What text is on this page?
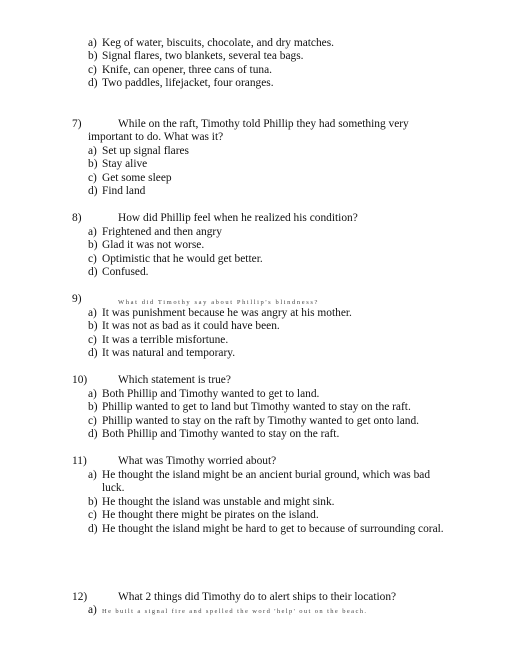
a) Keg of water, biscuits, chocolate, and dry matches.
b) Signal flares, two blankets, several tea bags.
c) Knife, can opener, three cans of tuna.
d) Two paddles, lifejacket, four oranges.
7)	While on the raft, Timothy told Phillip they had something very
important to do. What was it?
a) Set up signal flares
b) Stay alive
c) Get some sleep
d) Find land
8)	How did Phillip feel when he realized his condition?
a) Frightened and then angry
b) Glad it was not worse.
c) Optimistic that he would get better.
d) Confused.
9)	What did Timothy say about Phillip's blindness?
a) It was punishment because he was angry at his mother.
b) It was not as bad as it could have been.
c) It was a terrible misfortune.
d) It was natural and temporary.
10)	Which statement is true?
a) Both Phillip and Timothy wanted to get to land.
b) Phillip wanted to get to land but Timothy wanted to stay on the raft.
c) Phillip wanted to stay on the raft by Timothy wanted to get onto land.
d) Both Phillip and Timothy wanted to stay on the raft.
11)	What was Timothy worried about?
a) He thought the island might be an ancient burial ground, which was bad
luck.
b) He thought the island was unstable and might sink.
c) He thought there might be pirates on the island.
d) He thought the island might be hard to get to because of surrounding coral.
12)	What 2 things did Timothy do to alert ships to their location?
a) He built a signal fire and spelled the word 'help' out on the beach.
